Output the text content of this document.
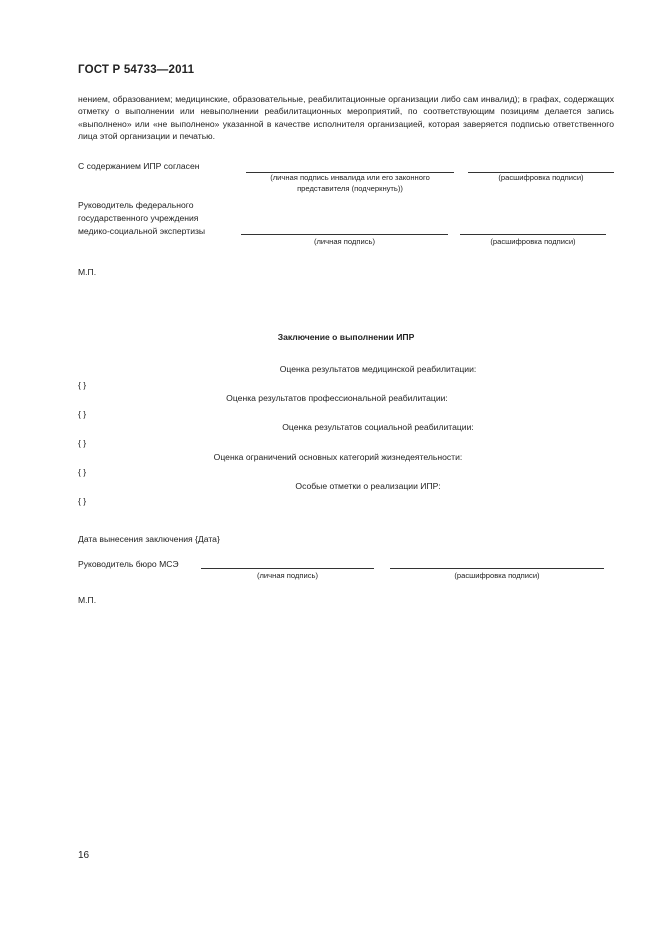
ГОСТ Р 54733—2011
нением, образованием; медицинские, образовательные, реабилитационные организации либо сам инвалид); в графах, содержащих отметку о выполнении или невыполнении реабилитационных мероприятий, по соответствующим позициям делается запись «выполнено» или «не выполнено» указанной в качестве исполнителя организацией, которая заверяется подписью ответственного лица этой организации и печатью.
С содержанием ИПР согласен
(личная подпись инвалида или его законного
представителя (подчеркнуть))
(расшифровка подписи)
Руководитель федерального
государственного учреждения
медико-социальной экспертизы
(личная подпись)	(расшифровка подписи)
М.П.
Заключение о выполнении ИПР
Оценка результатов медицинской реабилитации:
{ }
Оценка результатов профессиональной реабилитации:
{ }
Оценка результатов социальной реабилитации:
{ }
Оценка ограничений основных категорий жизнедеятельности:
{ }
Особые отметки о реализации ИПР:
{ }
Дата вынесения заключения {Дата}
Руководитель бюро МСЭ
(личная подпись)	(расшифровка подписи)
М.П.
16
